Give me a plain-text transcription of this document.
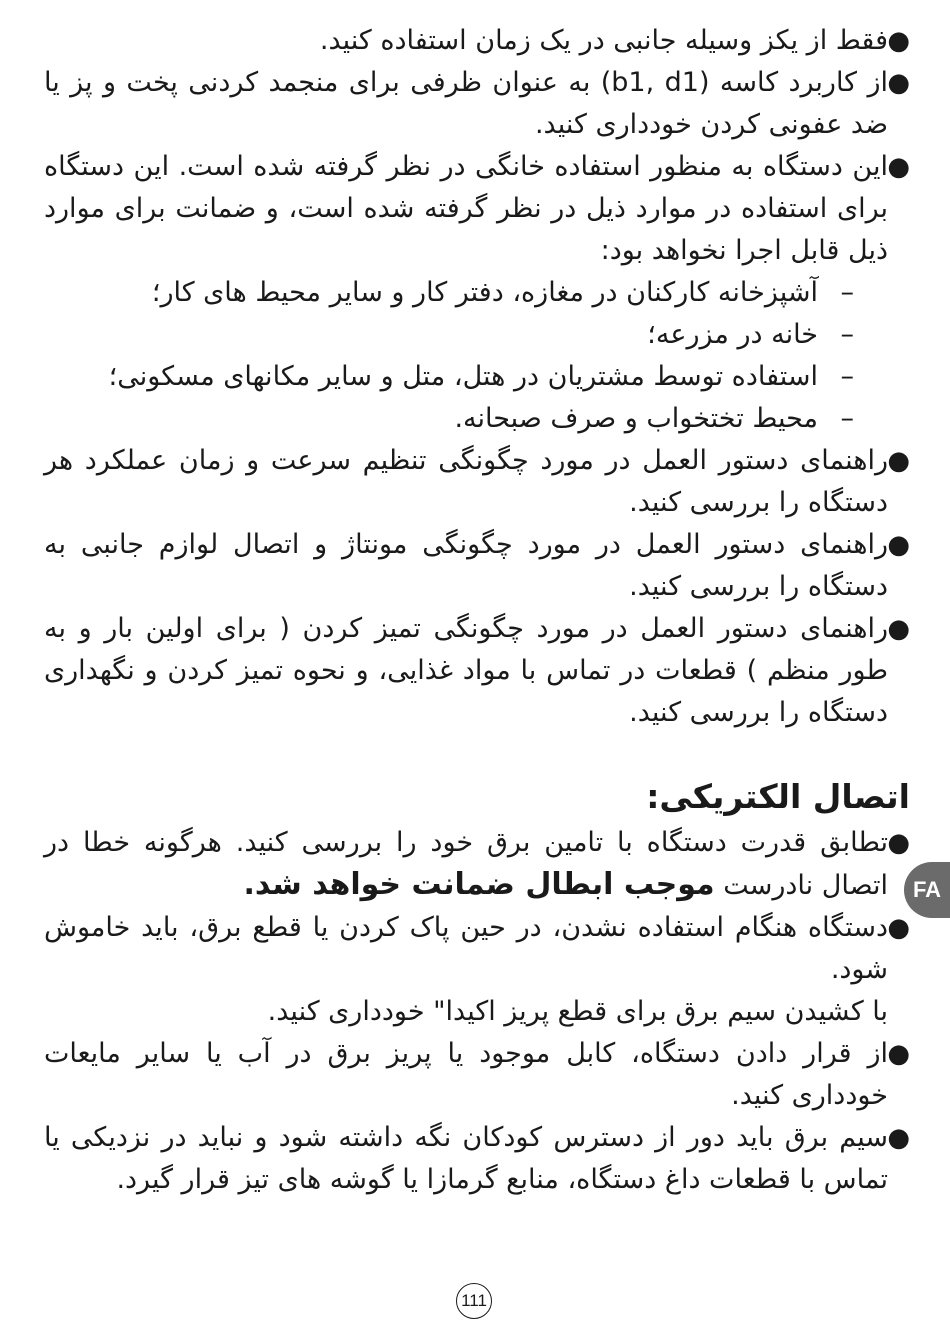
●
فقط از یکز وسیله جانبی در یک زمان استفاده کنید.
●
از کاربرد کاسه (b1, d1) به عنوان ظرفی برای منجمد کردنی پخت و پز یا ضد عفونی کردن خودداری کنید.
●
این دستگاه به منظور استفاده خانگی در نظر گرفته شده است. این دستگاه برای استفاده در موارد ذیل در نظر گرفته شده است، و ضمانت برای موارد ذیل قابل اجرا نخواهد بود:
–
آشپزخانه کارکنان در مغازه، دفتر کار و سایر محیط های کار؛
–
خانه در مزرعه؛
–
استفاده توسط مشتریان در هتل، متل و سایر مکانهای مسکونی؛
–
محیط تختخواب و صرف صبحانه.
●
راهنمای دستور العمل در مورد چگونگی تنظیم سرعت و زمان عملکرد هر دستگاه را بررسی کنید.
●
راهنمای دستور العمل در مورد چگونگی مونتاژ و اتصال لوازم جانبی به دستگاه را بررسی کنید.
●
راهنمای دستور العمل در مورد چگونگی تمیز کردن ( برای اولین بار و به طور منظم ) قطعات در تماس با مواد غذایی، و نحوه تمیز کردن و نگهداری دستگاه را بررسی کنید.
اتصال الکتریکی:
●
تطابق قدرت دستگاه با تامین برق خود را بررسی کنید. هرگونه خطا در اتصال نادرست موجب ابطال ضمانت خواهد شد.
●
دستگاه هنگام استفاده نشدن، در حین پاک کردن یا قطع برق، باید خاموش شود.
با کشیدن سیم برق برای قطع پریز اکیدا" خودداری کنید.
●
از قرار دادن دستگاه، کابل موجود یا پریز برق در آب یا سایر مایعات خودداری کنید.
●
سیم برق باید دور از دسترس کودکان نگه داشته شود و نباید در نزدیکی یا تماس با قطعات داغ دستگاه، منابع گرمازا یا گوشه های تیز قرار گیرد.
FA
111
